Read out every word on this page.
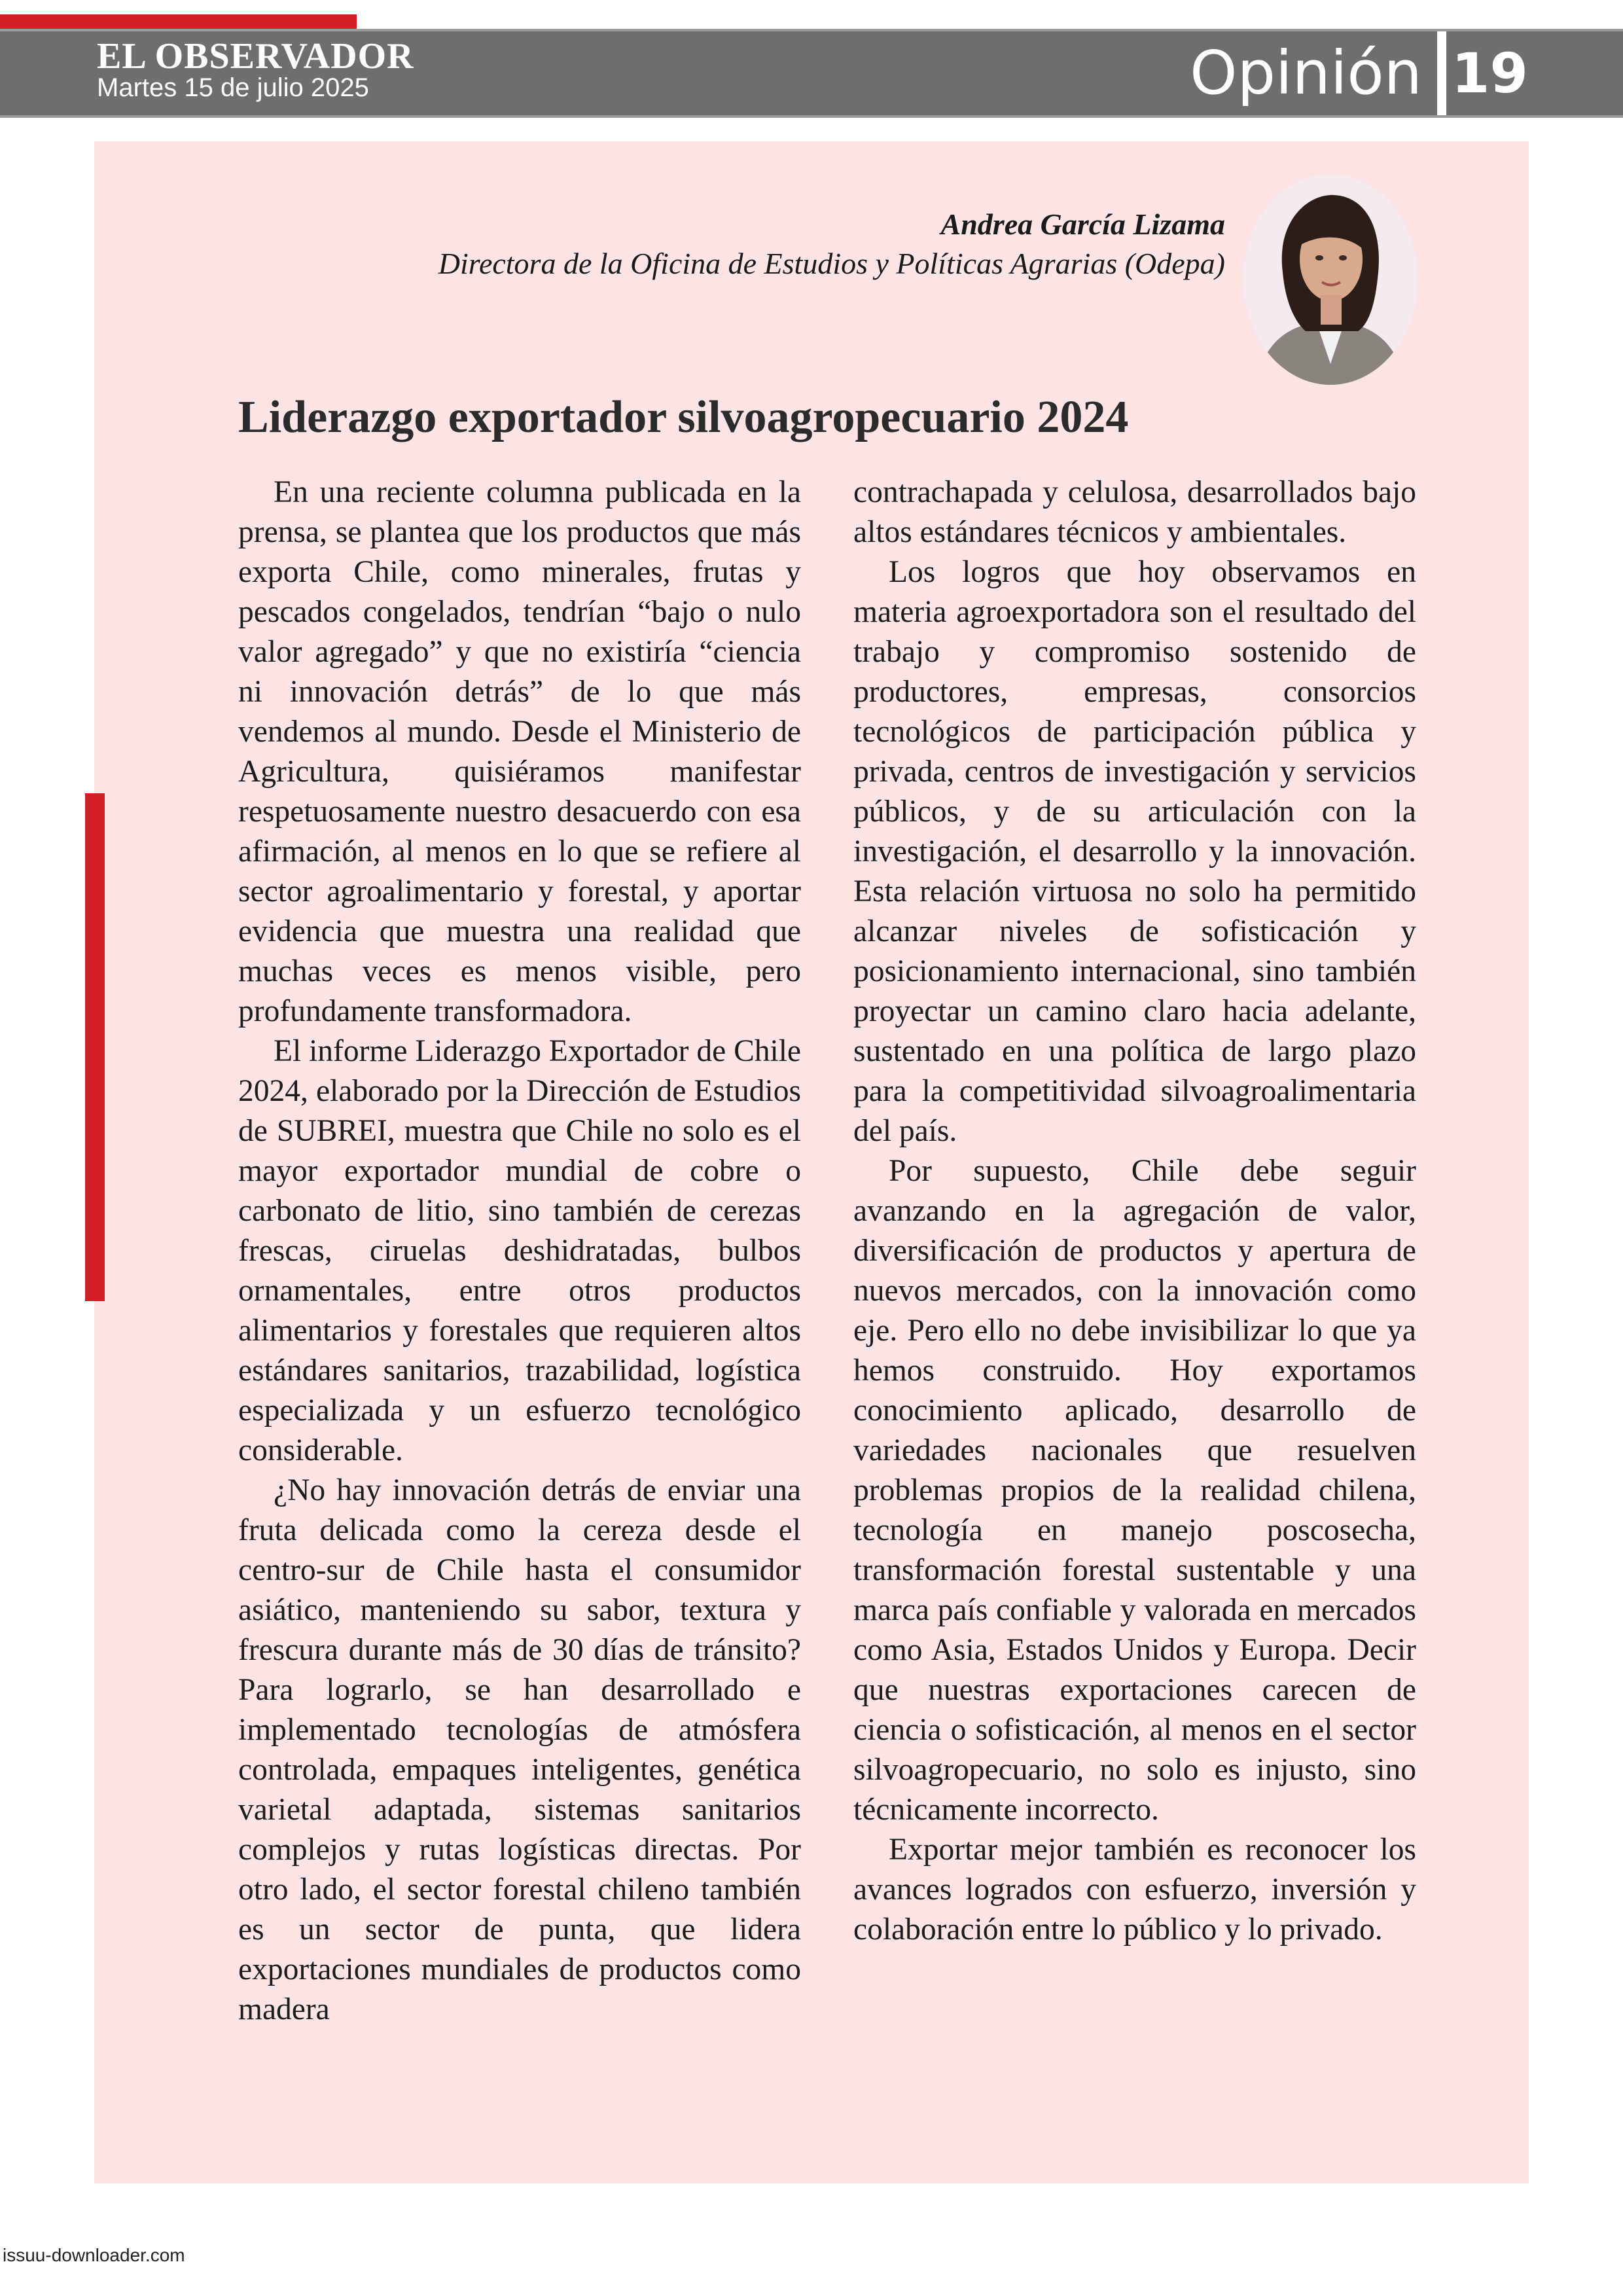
EL OBSERVADOR

Martes 15 de julio 2025	Opinión 19

Andrea García Lizama

Directora de la Oficina de Estudios y Políticas Agrarias (Odepa)

Liderazgo exportador silvoagropecuario 2024

En una reciente columna publicada en la prensa, se plantea que los productos que más exporta Chile, como minerales, frutas y pescados congelados, tendrían “bajo o nulo valor agregado” y que no existiría “ciencia ni innovación detrás” de lo que más vendemos al mundo. Desde el Ministerio de Agricultura, quisiéramos manifestar respetuosamente nuestro desacuerdo con esa afirmación, al menos en lo que se refiere al sector agroalimentario y forestal, y aportar evidencia que muestra una realidad que muchas veces es menos visible, pero profundamente transformadora.

El informe Liderazgo Exportador de Chile 2024, elaborado por la Dirección de Estudios de SUBREI, muestra que Chile no solo es el mayor exportador mundial de cobre o carbonato de litio, sino también de cerezas frescas, ciruelas deshidratadas, bulbos ornamentales, entre otros productos alimentarios y forestales que requieren altos estándares sanitarios, trazabilidad, logística especializada y un esfuerzo tecnológico considerable.

¿No hay innovación detrás de enviar una fruta delicada como la cereza desde el centro-sur de Chile hasta el consumidor asiático, manteniendo su sabor, textura y frescura durante más de 30 días de tránsito? Para lograrlo, se han desarrollado e implementado tecnologías de atmósfera controlada, empaques inteligentes, genética varietal adaptada, sistemas sanitarios complejos y rutas logísticas directas. Por otro lado, el sector forestal chileno también es un sector de punta, que lidera exportaciones mundiales de productos como madera

contrachapada y celulosa, desarrollados bajo altos estándares técnicos y ambientales.

Los logros que hoy observamos en materia agroexportadora son el resultado del trabajo y compromiso sostenido de productores, empresas, consorcios tecnológicos de participación pública y privada, centros de investigación y servicios públicos, y de su articulación con la investigación, el desarrollo y la innovación. Esta relación virtuosa no solo ha permitido alcanzar niveles de sofisticación y posicionamiento internacional, sino también proyectar un camino claro hacia adelante, sustentado en una política de largo plazo para la competitividad silvoagroalimentaria del país.

Por supuesto, Chile debe seguir avanzando en la agregación de valor, diversificación de productos y apertura de nuevos mercados, con la innovación como eje. Pero ello no debe invisibilizar lo que ya hemos construido. Hoy exportamos conocimiento aplicado, desarrollo de variedades nacionales que resuelven problemas propios de la realidad chilena, tecnología en manejo poscosecha, transformación forestal sustentable y una marca país confiable y valorada en mercados como Asia, Estados Unidos y Europa. Decir que nuestras exportaciones carecen de ciencia o sofisticación, al menos en el sector silvoagropecuario, no solo es injusto, sino técnicamente incorrecto.

Exportar mejor también es reconocer los avances logrados con esfuerzo, inversión y colaboración entre lo público y lo privado.

issuu-downloader.com
